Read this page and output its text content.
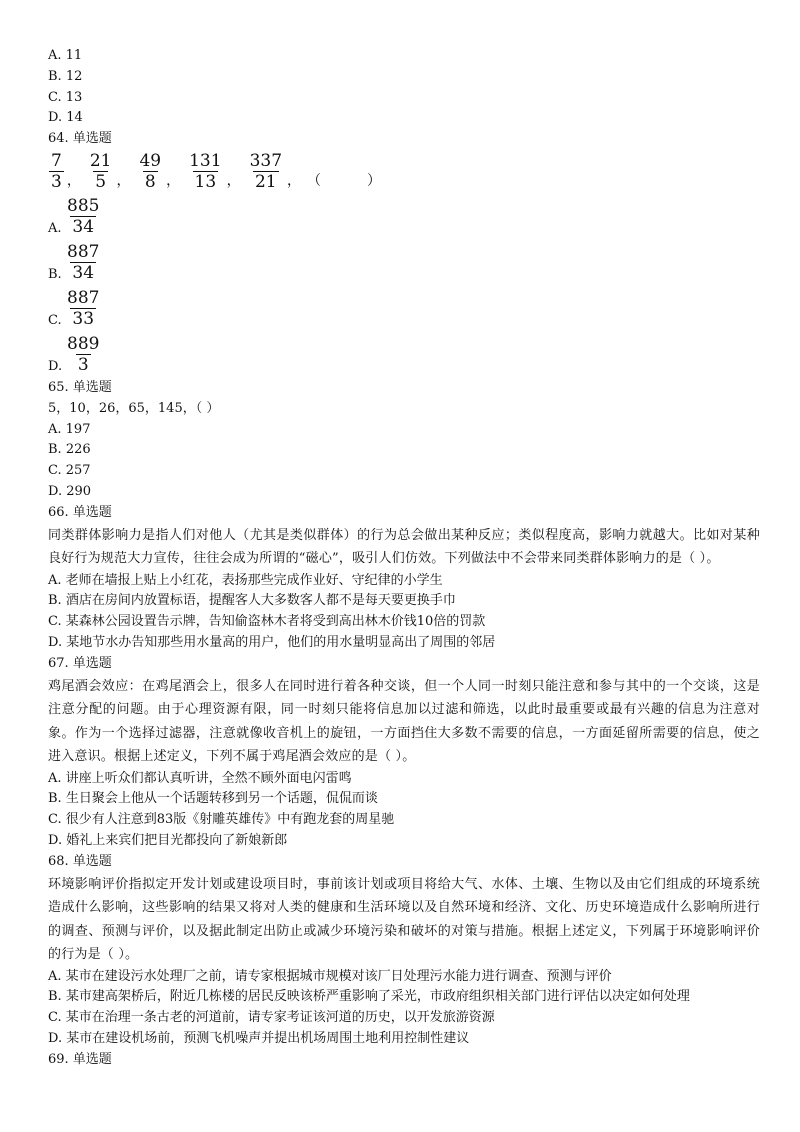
A. 11
B. 12
C. 13
D. 14
64. 单选题
$\frac{7}{3}$ ， $\frac{21}{5}$ ， $\frac{49}{8}$ ， $\frac{131}{13}$ ， $\frac{337}{21}$ ， （	）
A. $\frac{885}{34}$
B. $\frac{887}{34}$
C. $\frac{887}{33}$
D. $\frac{889}{3}$
65. 单选题
5，10，26，65，145，（ ）
A. 197
B. 226
C. 257
D. 290
66. 单选题
同类群体影响力是指人们对他人（尤其是类似群体）的行为总会做出某种反应；类似程度高，影响力就越大。比如对某种良好行为规范大力宣传，往往会成为所谓的“磁心”，吸引人们仿效。下列做法中不会带来同类群体影响力的是（ ）。
A. 老师在墙报上贴上小红花，表扬那些完成作业好、守纪律的小学生
B. 酒店在房间内放置标语，提醒客人大多数客人都不是每天要更换手巾
C. 某森林公园设置告示牌，告知偷盗林木者将受到高出林木价钱10倍的罚款
D. 某地节水办告知那些用水量高的用户，他们的用水量明显高出了周围的邻居
67. 单选题
鸡尾酒会效应：在鸡尾酒会上，很多人在同时进行着各种交谈，但一个人同一时刻只能注意和参与其中的一个交谈，这是注意分配的问题。由于心理资源有限，同一时刻只能将信息加以过滤和筛选，以此时最重要或最有兴趣的信息为注意对象。作为一个选择过滤器，注意就像收音机上的旋钮，一方面挡住大多数不需要的信息，一方面延留所需要的信息，使之进入意识。根据上述定义，下列不属于鸡尾酒会效应的是（ ）。
A. 讲座上听众们都认真听讲，全然不顾外面电闪雷鸣
B. 生日聚会上他从一个话题转移到另一个话题，侃侃而谈
C. 很少有人注意到83版《射雕英雄传》中有跑龙套的周星驰
D. 婚礼上来宾们把目光都投向了新娘新郎
68. 单选题
环境影响评价指拟定开发计划或建设项目时，事前该计划或项目将给大气、水体、土壤、生物以及由它们组成的环境系统造成什么影响，这些影响的结果又将对人类的健康和生活环境以及自然环境和经济、文化、历史环境造成什么影响所进行的调查、预测与评价，以及据此制定出防止或减少环境污染和破坏的对策与措施。根据上述定义，下列属于环境影响评价的行为是（ ）。
A. 某市在建设污水处理厂之前，请专家根据城市规模对该厂日处理污水能力进行调查、预测与评价
B. 某市建高架桥后，附近几栋楼的居民反映该桥严重影响了采光，市政府组织相关部门进行评估以决定如何处理
C. 某市在治理一条古老的河道前，请专家考证该河道的历史，以开发旅游资源
D. 某市在建设机场前，预测飞机噪声并提出机场周围土地利用控制性建议
69. 单选题
